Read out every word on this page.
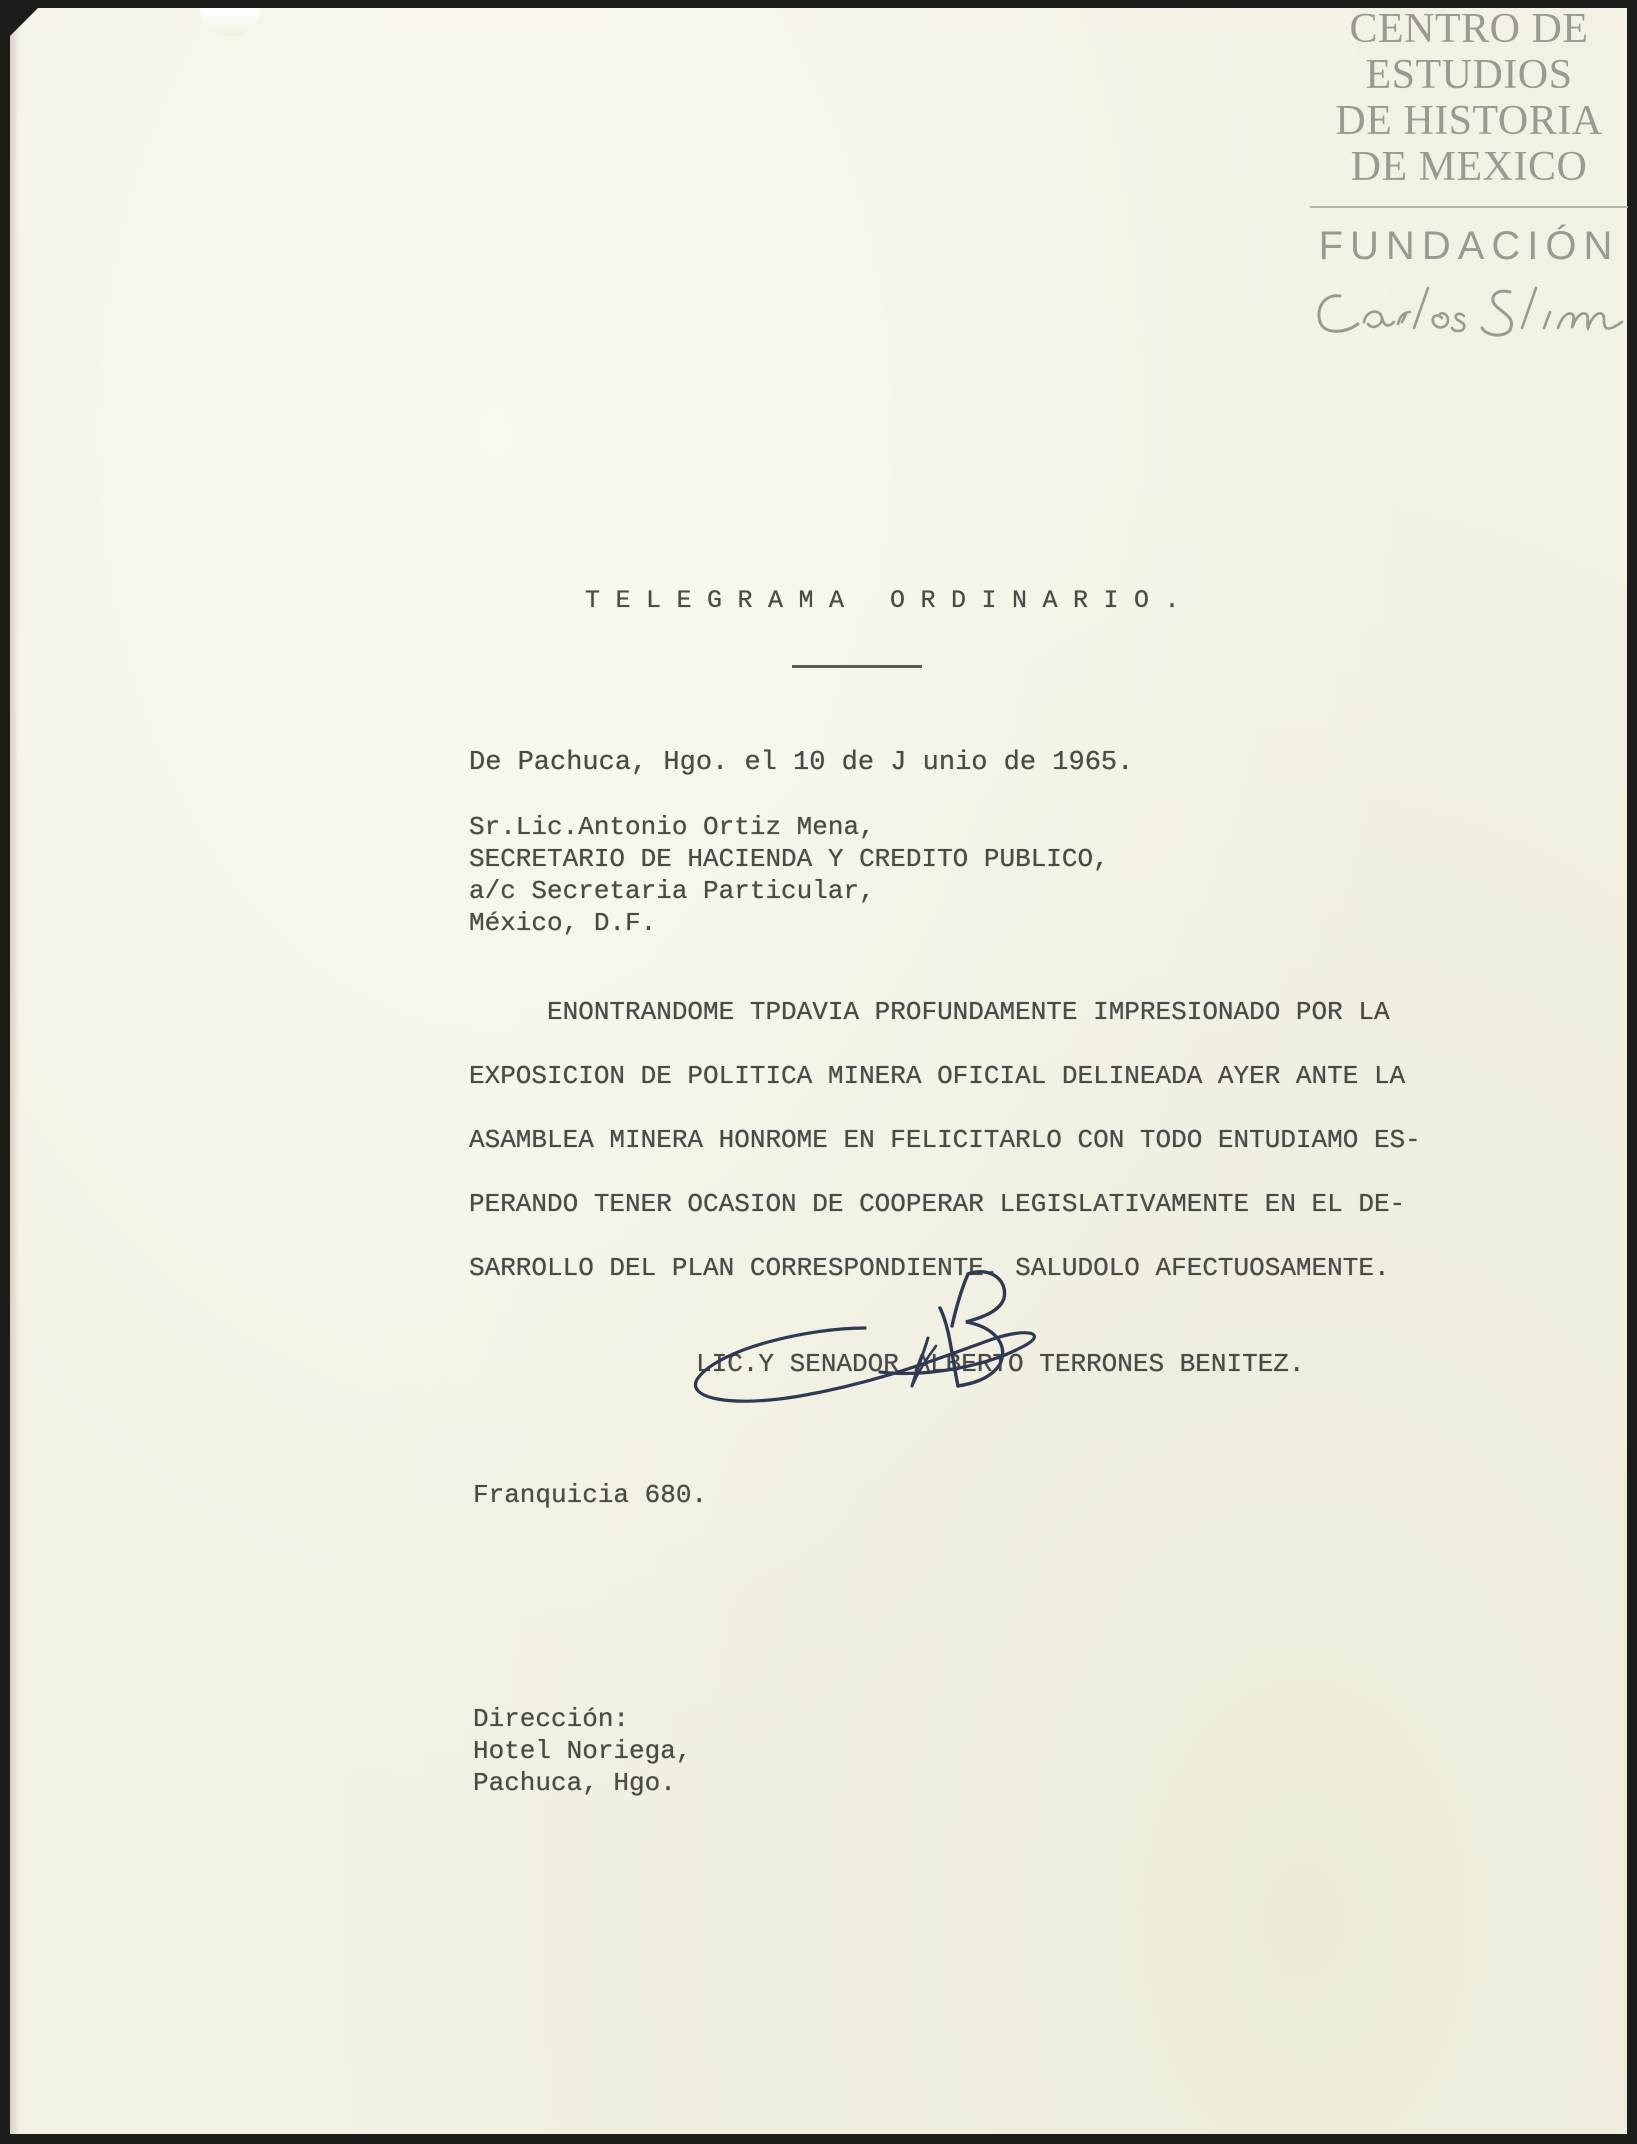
CENTRO DE
ESTUDIOS
DE HISTORIA
DE MEXICO
FUNDACIÓN
TELEGRAMA ORDINARIO.
De Pachuca, Hgo. el 10 de J unio de 1965.
Sr.Lic.Antonio Ortiz Mena,
SECRETARIO DE HACIENDA Y CREDITO PUBLICO,
a/c Secretaria Particular,
México, D.F.
ENONTRANDOME TPDAVIA PROFUNDAMENTE IMPRESIONADO POR LA
EXPOSICION DE POLITICA MINERA OFICIAL DELINEADA AYER ANTE LA
ASAMBLEA MINERA HONROME EN FELICITARLO CON TODO ENTUDIAMO ES-
PERANDO TENER OCASION DE COOPERAR LEGISLATIVAMENTE EN EL DE-
SARROLLO DEL PLAN CORRESPONDIENTE. SALUDOLO AFECTUOSAMENTE.
LIC.Y SENADOR ALBERTO TERRONES BENITEZ.
Franquicia 680.
Dirección:
Hotel Noriega,
Pachuca, Hgo.
